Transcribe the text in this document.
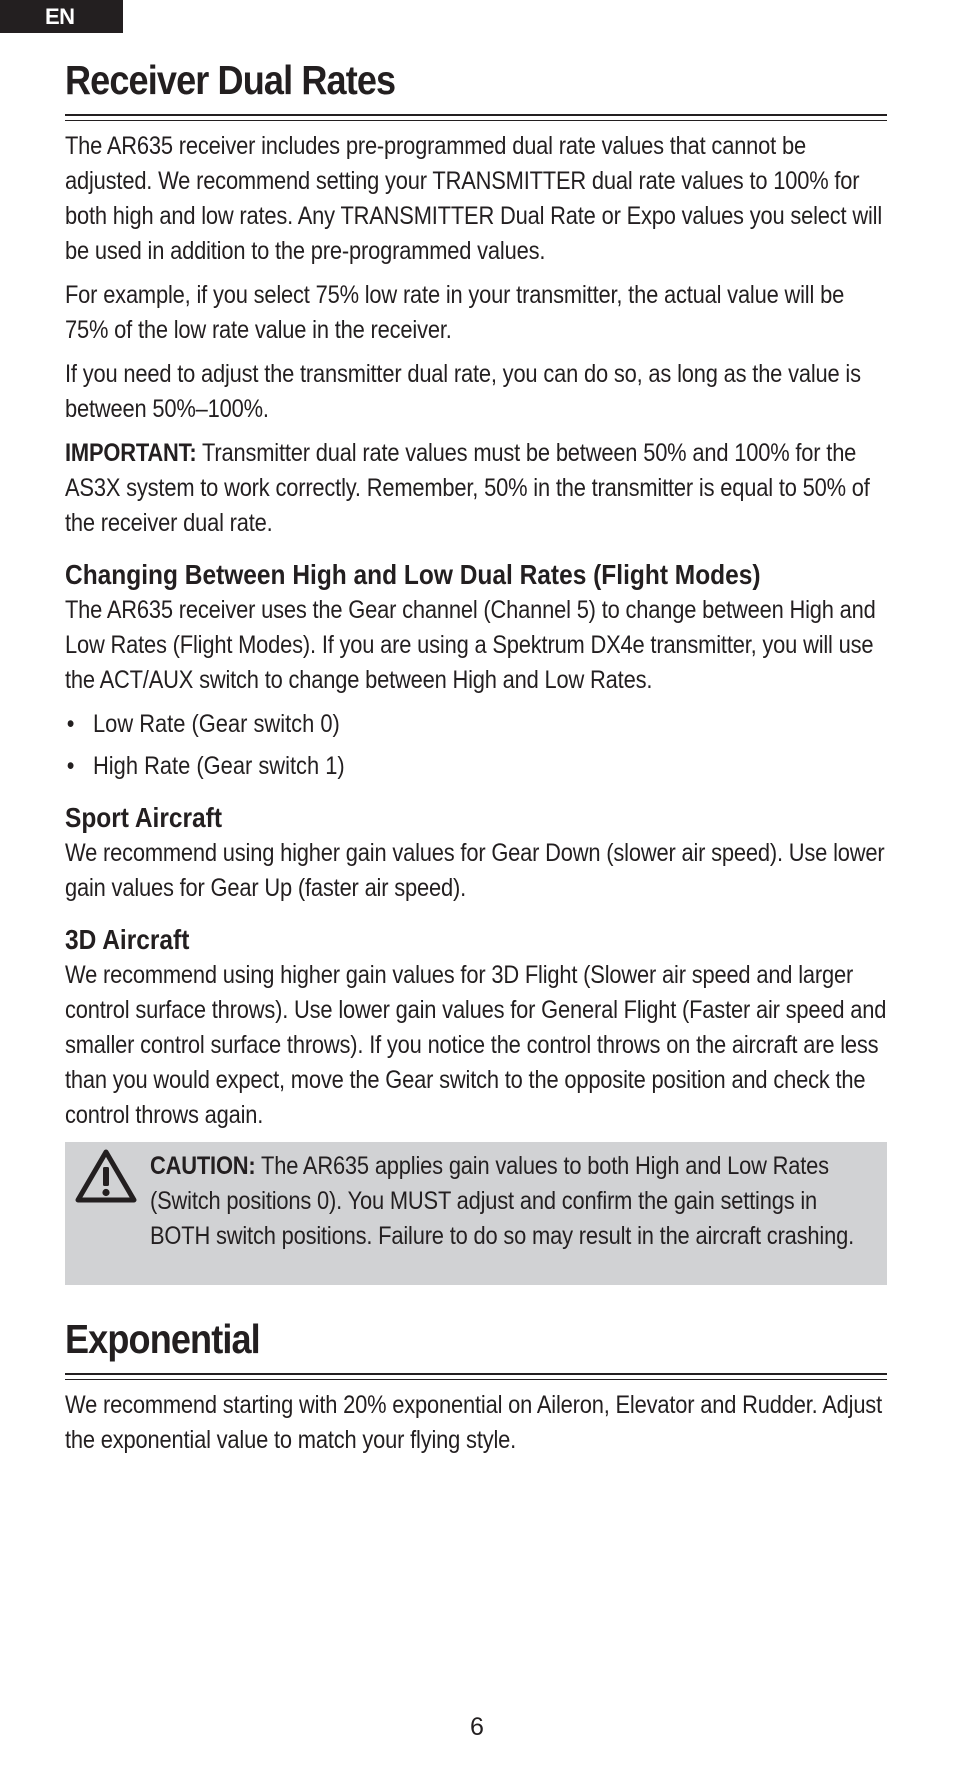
EN
Receiver Dual Rates

The AR635 receiver includes pre-programmed dual rate values that cannot be adjusted. We recommend setting your TRANSMITTER dual rate values to 100% for both high and low rates. Any TRANSMITTER Dual Rate or Expo values you select will be used in addition to the pre-programmed values.

For example, if you select 75% low rate in your transmitter, the actual value will be 75% of the low rate value in the receiver.

If you need to adjust the transmitter dual rate, you can do so, as long as the value is between 50%–100%.

IMPORTANT: Transmitter dual rate values must be between 50% and 100% for the AS3X system to work correctly. Remember, 50% in the transmitter is equal to 50% of the receiver dual rate.

Changing Between High and Low Dual Rates (Flight Modes)

The AR635 receiver uses the Gear channel (Channel 5) to change between High and Low Rates (Flight Modes). If you are using a Spektrum DX4e transmitter, you will use the ACT/AUX switch to change between High and Low Rates.

• Low Rate (Gear switch 0)
• High Rate (Gear switch 1)
Sport Aircraft

We recommend using higher gain values for Gear Down (slower air speed). Use lower gain values for Gear Up (faster air speed).

3D Aircraft

We recommend using higher gain values for 3D Flight (Slower air speed and larger control surface throws). Use lower gain values for General Flight (Faster air speed and smaller control surface throws). If you notice the control throws on the aircraft are less than you would expect, move the Gear switch to the opposite position and check the control throws again.

CAUTION: The AR635 applies gain values to both High and Low Rates (Switch positions 0). You MUST adjust and confirm the gain settings in BOTH switch positions. Failure to do so may result in the aircraft crashing.

Exponential

We recommend starting with 20% exponential on Aileron, Elevator and Rudder. Adjust the exponential value to match your flying style.

6
